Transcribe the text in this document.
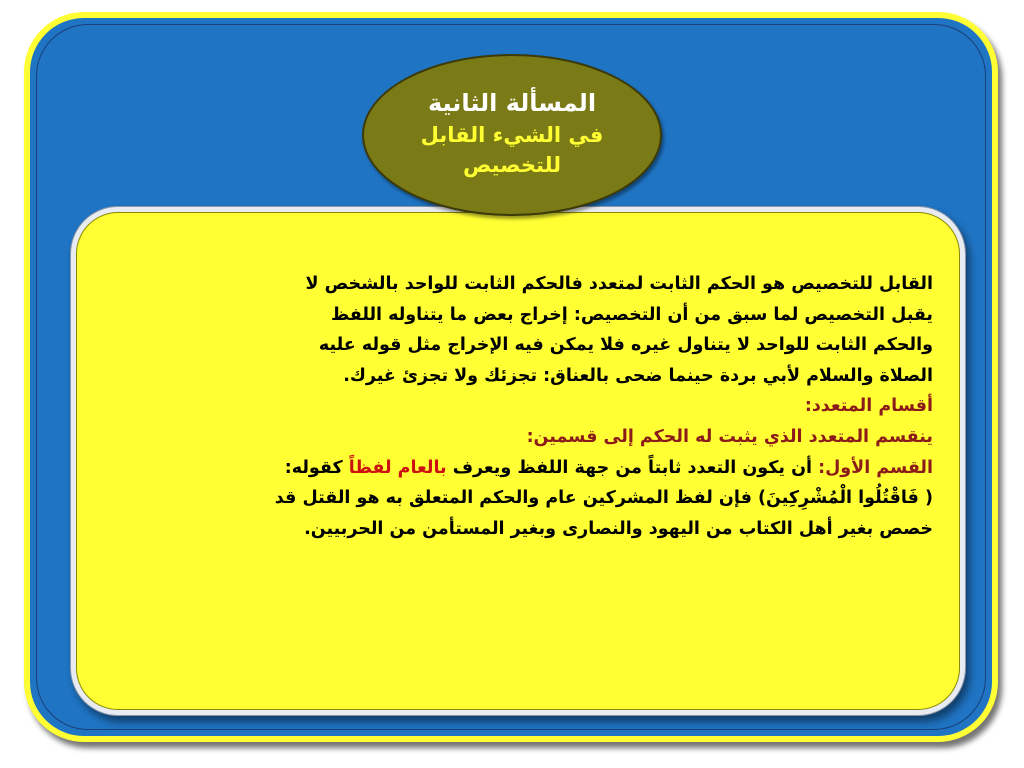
المسألة الثانية
في الشيء القابل
للتخصيص
القابل للتخصيص هو الحكم الثابت لمتعدد فالحكم الثابت للواحد بالشخص لا
يقبل التخصيص لما سبق من أن التخصيص: إخراج بعض ما يتناوله اللفظ
والحكم الثابت للواحد لا يتناول غيره فلا يمكن فيه الإخراج مثل قوله عليه
الصلاة والسلام لأبي بردة حينما ضحى بالعناق: تجزئك ولا تجزئ غيرك.
أقسام المتعدد:
ينقسم المتعدد الذي يثبت له الحكم إلى قسمين:
القسم الأول: أن يكون التعدد ثابتاً من جهة اللفظ ويعرف بالعام لفظاً كقوله:
( فَاقْتُلُوا الْمُشْرِكِينَ) فإن لفظ المشركين عام والحكم المتعلق به هو القتل قد
خصص بغير أهل الكتاب من اليهود والنصارى وبغير المستأمن من الحربيين.
